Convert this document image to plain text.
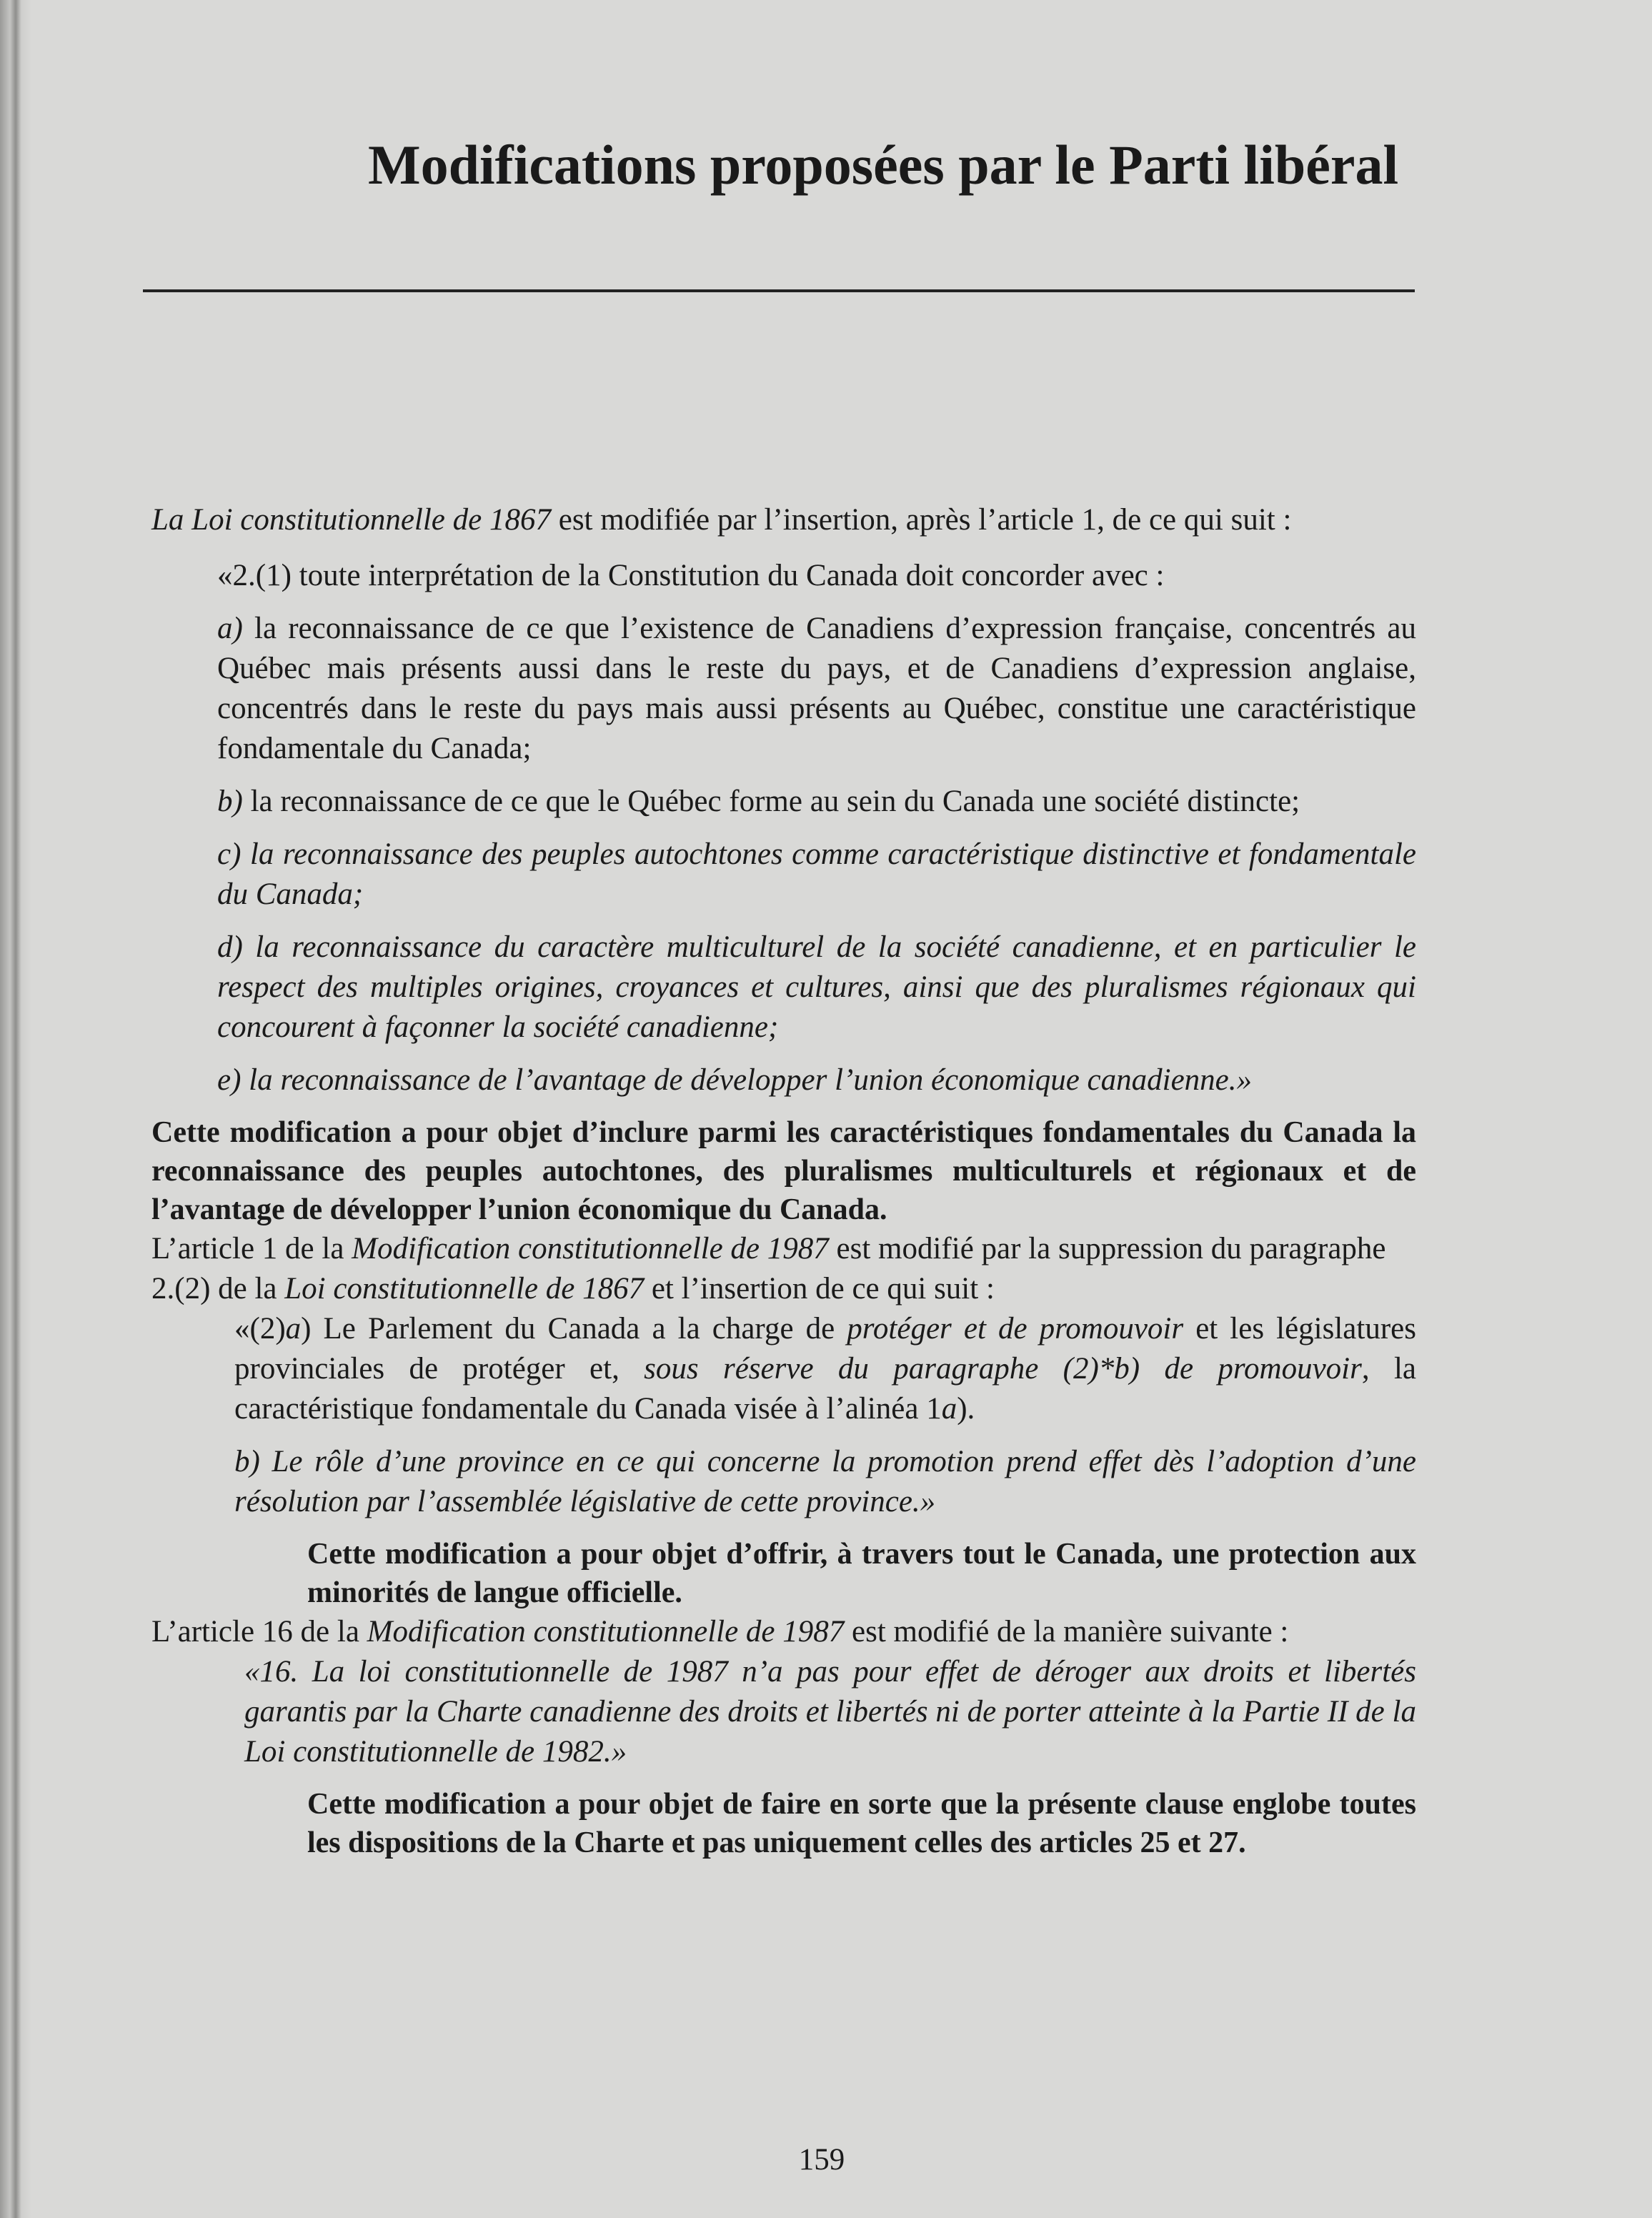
Modifications proposées par le Parti libéral

La Loi constitutionnelle de 1867 est modifiée par l’insertion, après l’article 1, de ce qui suit :

«2.(1) toute interprétation de la Constitution du Canada doit concorder avec :

a) la reconnaissance de ce que l’existence de Canadiens d’expression française, concentrés au Québec mais présents aussi dans le reste du pays, et de Canadiens d’expression anglaise, concentrés dans le reste du pays mais aussi présents au Québec, constitue une caractéristique fondamentale du Canada;

b) la reconnaissance de ce que le Québec forme au sein du Canada une société distincte;

c) la reconnaissance des peuples autochtones comme caractéristique distinctive et fondamentale du Canada;

d) la reconnaissance du caractère multiculturel de la société canadienne, et en particulier le respect des multiples origines, croyances et cultures, ainsi que des pluralismes régionaux qui concourent à façonner la société canadienne;

e) la reconnaissance de l’avantage de développer l’union économique canadienne.»

Cette modification a pour objet d’inclure parmi les caractéristiques fondamentales du Canada la reconnaissance des peuples autochtones, des pluralismes multiculturels et régionaux et de l’avantage de développer l’union économique du Canada.

L’article 1 de la Modification constitutionnelle de 1987 est modifié par la suppression du paragraphe 2.(2) de la Loi constitutionnelle de 1867 et l’insertion de ce qui suit :

«(2)a) Le Parlement du Canada a la charge de protéger et de promouvoir et les législatures provinciales de protéger et, sous réserve du paragraphe (2)*b) de promouvoir, la caractéristique fondamentale du Canada visée à l’alinéa 1a).

b) Le rôle d’une province en ce qui concerne la promotion prend effet dès l’adoption d’une résolution par l’assemblée législative de cette province.»

Cette modification a pour objet d’offrir, à travers tout le Canada, une protection aux minorités de langue officielle.

L’article 16 de la Modification constitutionnelle de 1987 est modifié de la manière suivante :

«16. La loi constitutionnelle de 1987 n’a pas pour effet de déroger aux droits et libertés garantis par la Charte canadienne des droits et libertés ni de porter atteinte à la Partie II de la Loi constitutionnelle de 1982.»

Cette modification a pour objet de faire en sorte que la présente clause englobe toutes les dispositions de la Charte et pas uniquement celles des articles 25 et 27.

159
